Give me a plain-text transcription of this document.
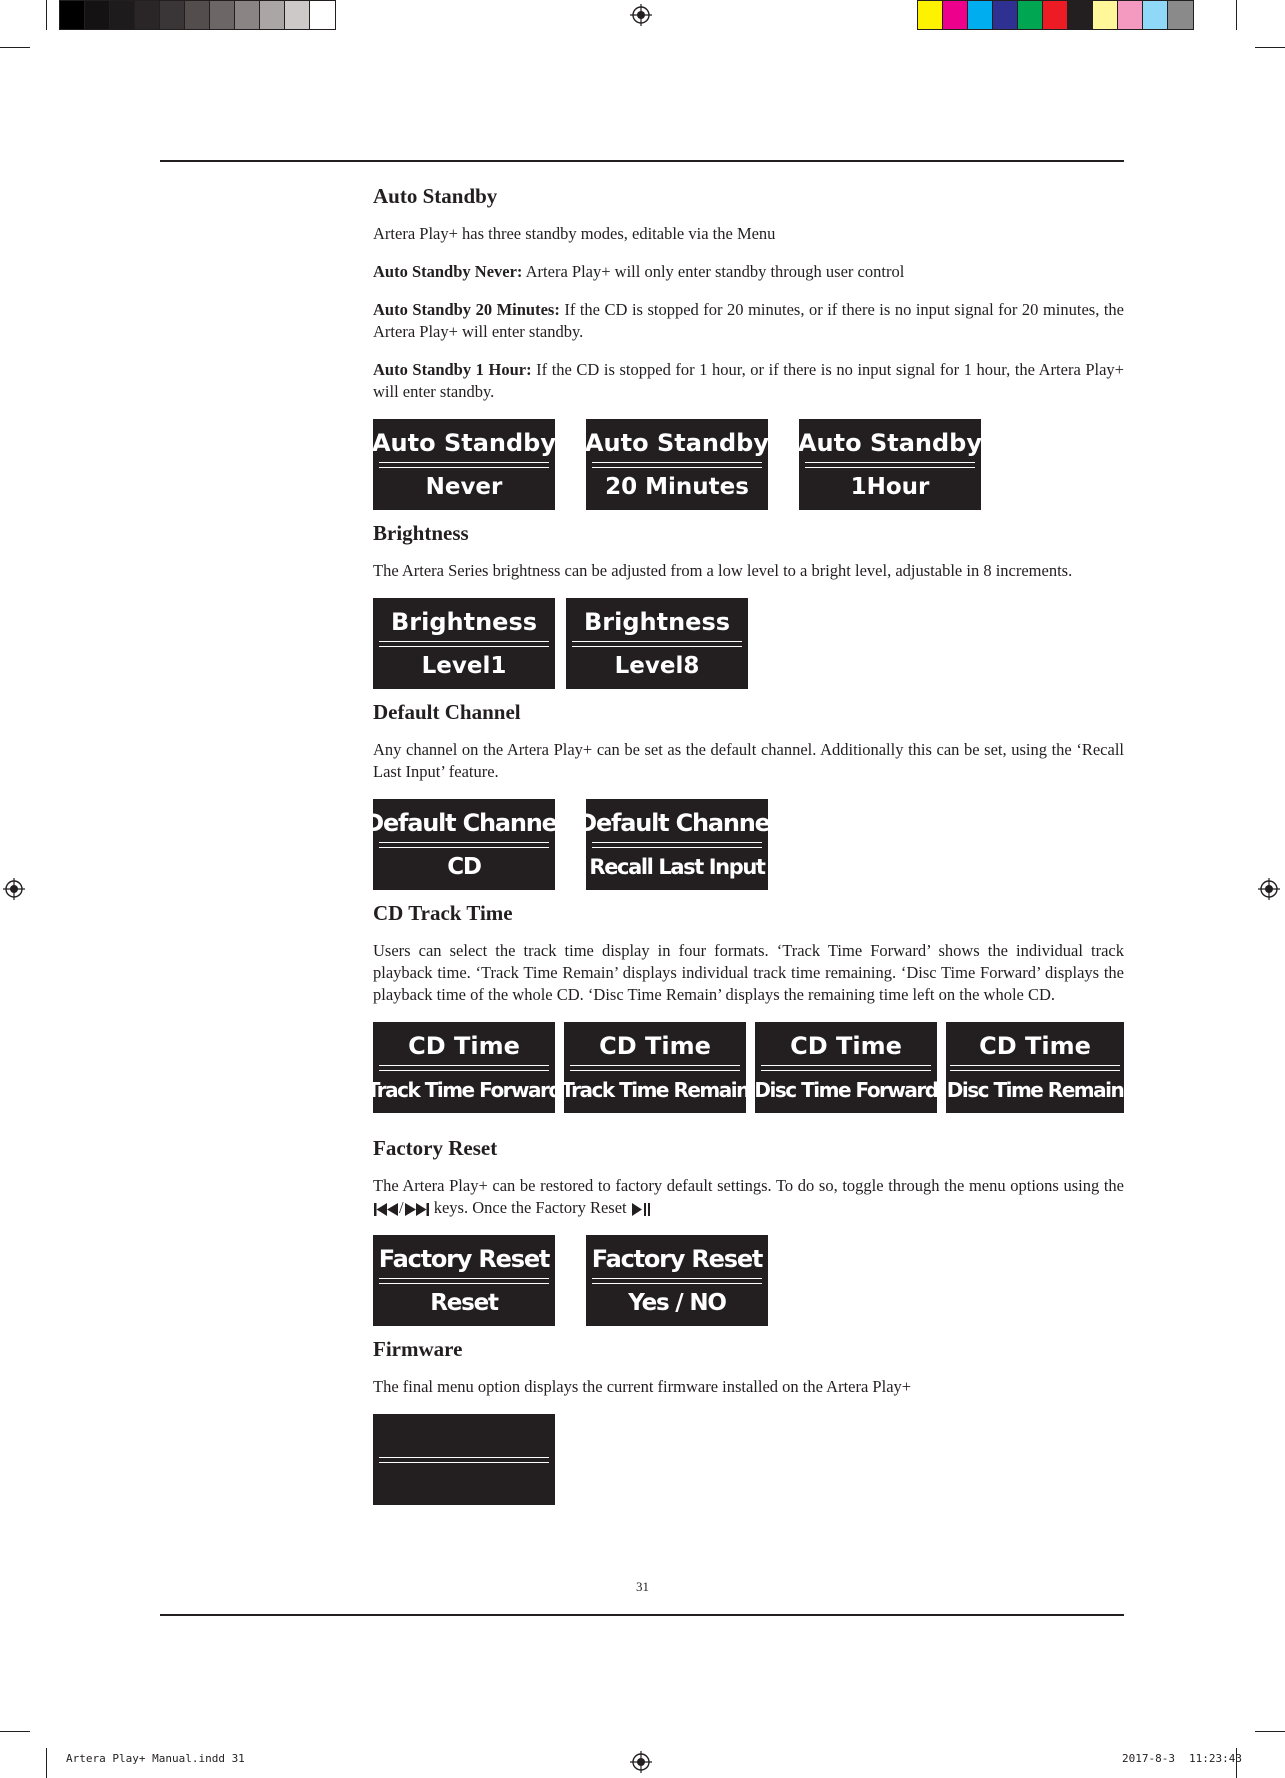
Auto Standby

Artera Play+ has three standby modes, editable via the Menu

Auto Standby Never: Artera Play+ will only enter standby through user control

Auto Standby 20 Minutes: If the CD is stopped for 20 minutes, or if there is no input signal for 20 minutes, the Artera Play+ will enter standby.

Auto Standby 1 Hour: If the CD is stopped for 1 hour, or if there is no input signal for 1 hour, the Artera Play+ will enter standby.

Auto Standby
Never
Auto Standby
20 Minutes
Auto Standby
1Hour
Brightness

The Artera Series brightness can be adjusted from a low level to a bright level, adjustable in 8 increments.

Brightness
Level1
Brightness
Level8
Default Channel

Any channel on the Artera Play+ can be set as the default channel. Additionally this can be set, using the ‘Recall Last Input’ feature.

Default Channel
CD
Default Channel
Recall Last Input
CD Track Time

Users can select the track time display in four formats. ‘Track Time Forward’ shows the individual track playback time. ‘Track Time Remain’ displays individual track time remaining. ‘Disc Time Forward’ displays the playback time of the whole CD. ‘Disc Time Remain’ displays the remaining time left on the whole CD.

CD Time
Track Time Forward
CD Time
Track Time Remain
CD Time
Disc Time Forward
CD Time
Disc Time Remain
Factory Reset

The Artera Play+ can be restored to factory default settings. To do so, toggle through the menu options using the / keys. Once the Factory Reset

Factory Reset
Reset
Factory Reset
Yes / NO
Firmware

The final menu option displays the current firmware installed on the Artera Play+

31
Artera Play+ Manual.indd 31	2017-8-3 11:23:43
